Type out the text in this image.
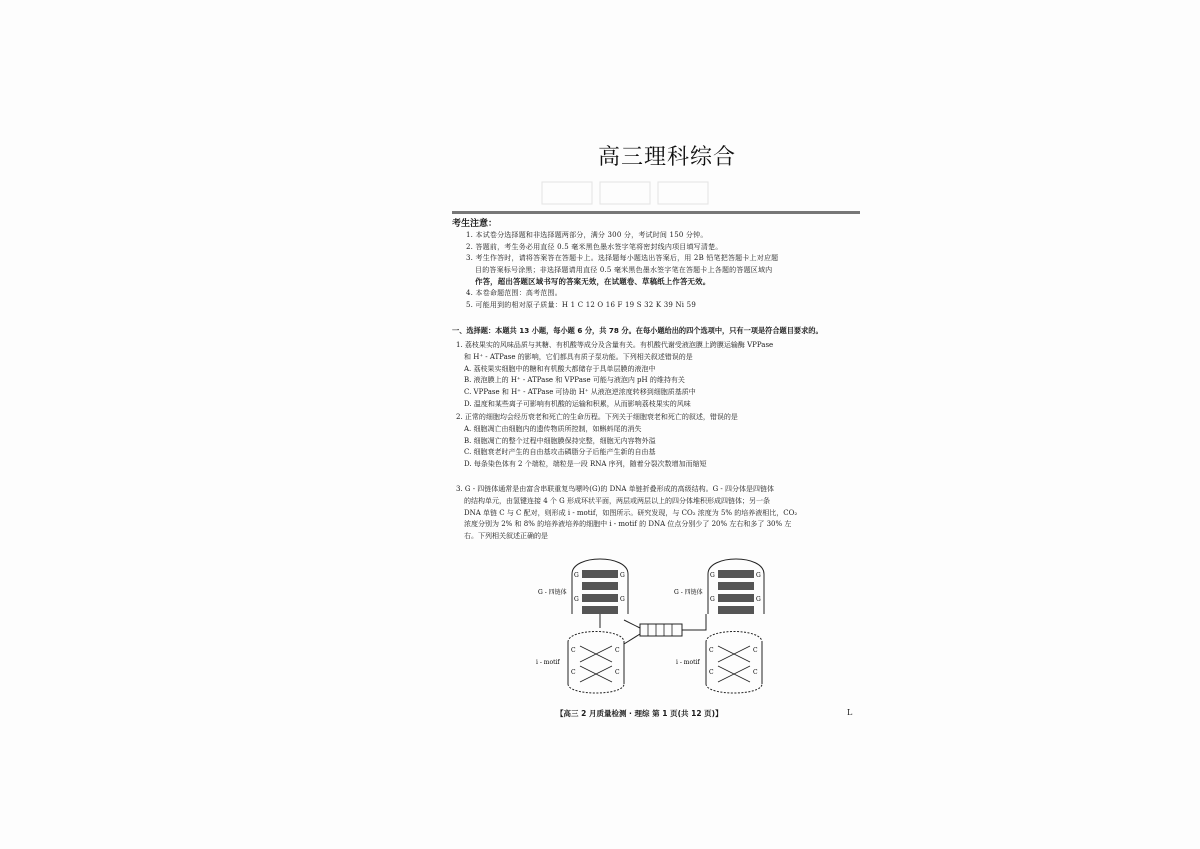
高三理科综合
考生注意：
1. 本试卷分选择题和非选择题两部分，满分 300 分，考试时间 150 分钟。
2. 答题前，考生务必用直径 0.5 毫米黑色墨水签字笔将密封线内项目填写清楚。
3. 考生作答时，请将答案答在答题卡上。选择题每小题选出答案后，用 2B 铅笔把答题卡上对应题
目的答案标号涂黑；非选择题请用直径 0.5 毫米黑色墨水签字笔在答题卡上各题的答题区域内
作答，超出答题区域书写的答案无效，在试题卷、草稿纸上作答无效。
4. 本卷命题范围：高考范围。
5. 可能用到的相对原子质量：H 1 C 12 O 16 F 19 S 32 K 39 Ni 59
一、选择题：本题共 13 小题，每小题 6 分，共 78 分。在每小题给出的四个选项中，只有一项是符合题目要求的。
1. 荔枝果实的风味品质与其糖、有机酸等成分及含量有关。有机酸代谢受液泡膜上跨膜运输酶 VPPase
和 H⁺ - ATPase 的影响，它们都具有质子泵功能。下列相关叙述错误的是
A. 荔枝果实细胞中的糖和有机酸大都储存于具单层膜的液泡中
B. 液泡膜上的 H⁺ - ATPase 和 VPPase 可能与液泡内 pH 的维持有关
C. VPPase 和 H⁺ - ATPase 可协助 H⁺ 从液泡逆浓度转移到细胞质基质中
D. 温度和某些离子可影响有机酸的运输和积累，从而影响荔枝果实的风味
2. 正常的细胞均会经历衰老和死亡的生命历程。下列关于细胞衰老和死亡的叙述，错误的是
A. 细胞凋亡由细胞内的遗传物质所控制，如蝌蚪尾的消失
B. 细胞凋亡的整个过程中细胞膜保持完整，细胞无内容物外溢
C. 细胞衰老时产生的自由基攻击磷脂分子后能产生新的自由基
D. 每条染色体有 2 个端粒，端粒是一段 RNA 序列，随着分裂次数增加而缩短
3. G - 四链体通常是由富含串联重复鸟嘌呤(G)的 DNA 单链折叠形成的高级结构。G - 四分体是四链体
的结构单元，由氢键连接 4 个 G 形成环状平面，两层或两层以上的四分体堆积形成四链体；另一条
DNA 单链 C 与 C 配对，则形成 i - motif，如图所示。研究发现，与 CO₂ 浓度为 5% 的培养液相比，CO₂
浓度分别为 2% 和 8% 的培养液培养的细胞中 i - motif 的 DNA 位点分别少了 20% 左右和多了 30% 左
右。下列相关叙述正确的是
G	G
G	G
G - 四链体
G	G
G	G
G - 四链体
C	C
C	C
i - motif
C	C
C	C
i - motif
【高三 2 月质量检测 · 理综 第 1 页(共 12 页)】	L
